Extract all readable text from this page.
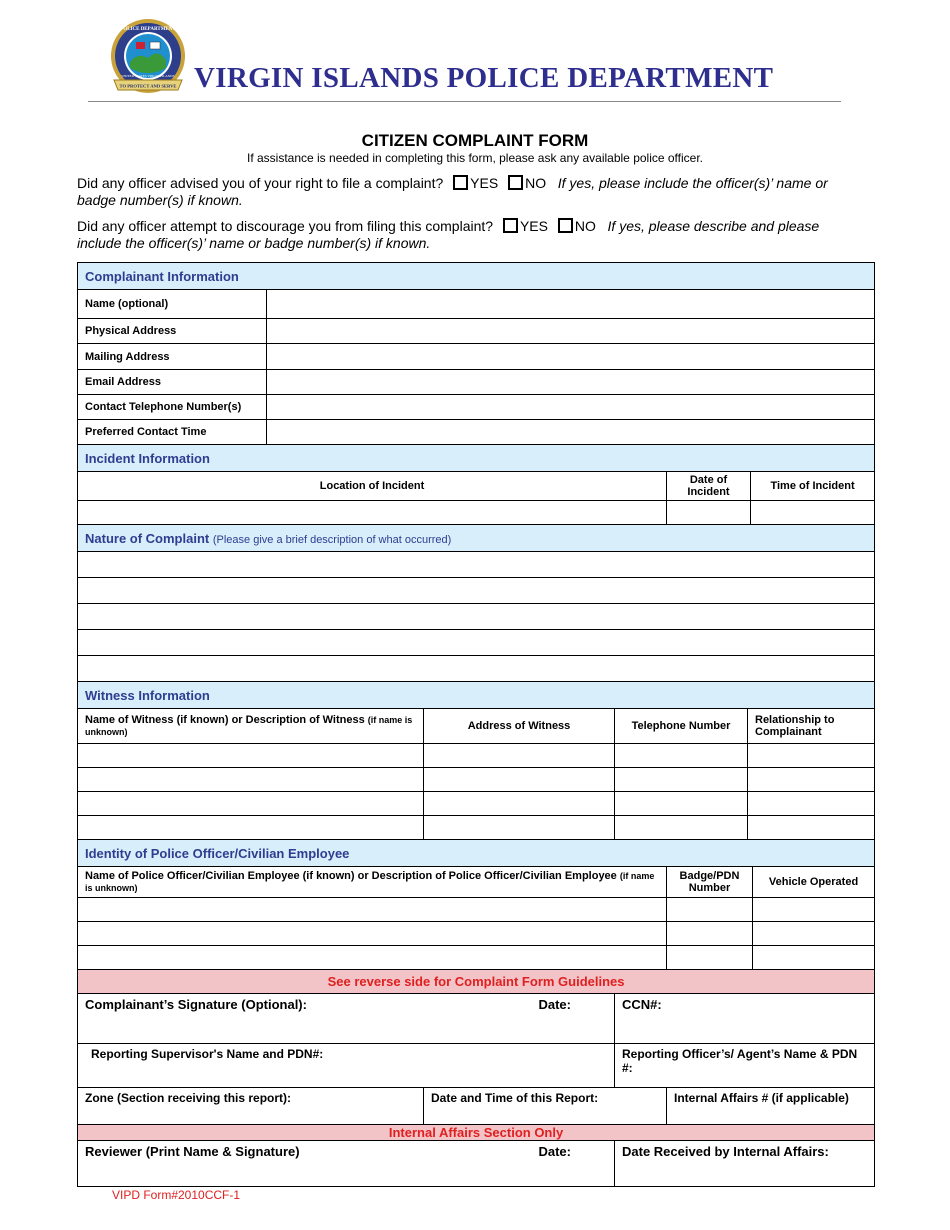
TO PROTECT AND SERVE
POLICE DEPARTMENT
UNITED STATES VIRGIN ISLANDS VIRGIN ISLANDS POLICE DEPARTMENT
CITIZEN COMPLAINT FORM
If assistance is needed in completing this form, please ask any available police officer.
Did any officer advised you of your right to file a complaint? YES NO If yes, please include the officer(s)’ name or badge number(s) if known.
Did any officer attempt to discourage you from filing this complaint? YES NO If yes, please describe and please include the officer(s)’ name or badge number(s) if known.
Complainant Information							
Name (optional)							
Physical Address							
Mailing Address							
Email Address							
Contact Telephone Number(s)							
Preferred Contact Time							
Incident Information							
Location of Incident				Date of Incident		Time of Incident	

Nature of Complaint (Please give a brief description of what occurred)							

Witness Information							
Name of Witness (if known) or Description of Witness (if name is unknown)		Address of Witness	Telephone Number		Relationship to Complainant		

Identity of Police Officer/Civilian Employee							
Name of Police Officer/Civilian Employee (if known) or Description of Police Officer/Civilian Employee (if name is unknown)				Badge/PDN Number			Vehicle Operated

See reverse side for Complaint Form Guidelines							
Complainant’s Signature (Optional): Date:			CCN#:				
Reporting Supervisor's Name and PDN#:			Reporting Officer’s/ Agent’s Name & PDN #:				
Zone (Section receiving this report):		Date and Time of this Report:		Internal Affairs # (if applicable)			
Internal Affairs Section Only							
Reviewer (Print Name & Signature) Date:			Date Received by Internal Affairs:				
VIPD Form#2010CCF-1
